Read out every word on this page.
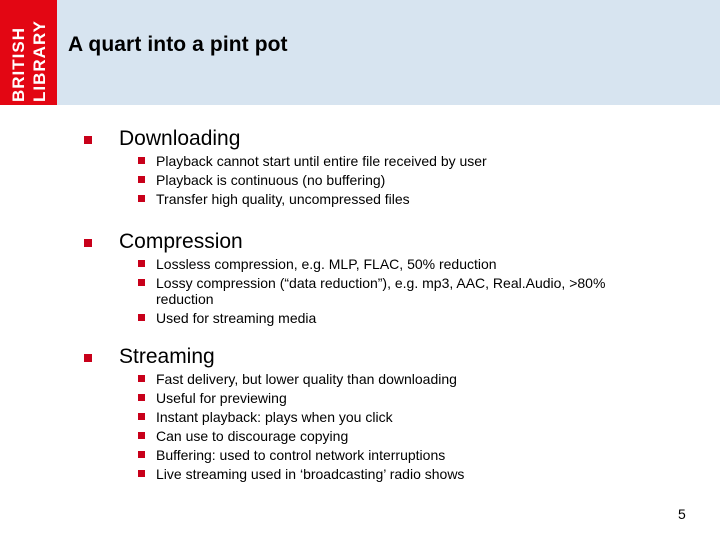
BRITISH LIBRARY A quart into a pint pot
Downloading
Playback cannot start until entire file received by user
Playback is continuous (no buffering)
Transfer high quality, uncompressed files
Compression
Lossless compression, e.g. MLP, FLAC, 50% reduction
Lossy compression (“data reduction”), e.g. mp3, AAC, Real.Audio, >80%
reduction
Used for streaming media
Streaming
Fast delivery, but lower quality than downloading
Useful for previewing
Instant playback: plays when you click
Can use to discourage copying
Buffering: used to control network interruptions
Live streaming used in ‘broadcasting’ radio shows
5
